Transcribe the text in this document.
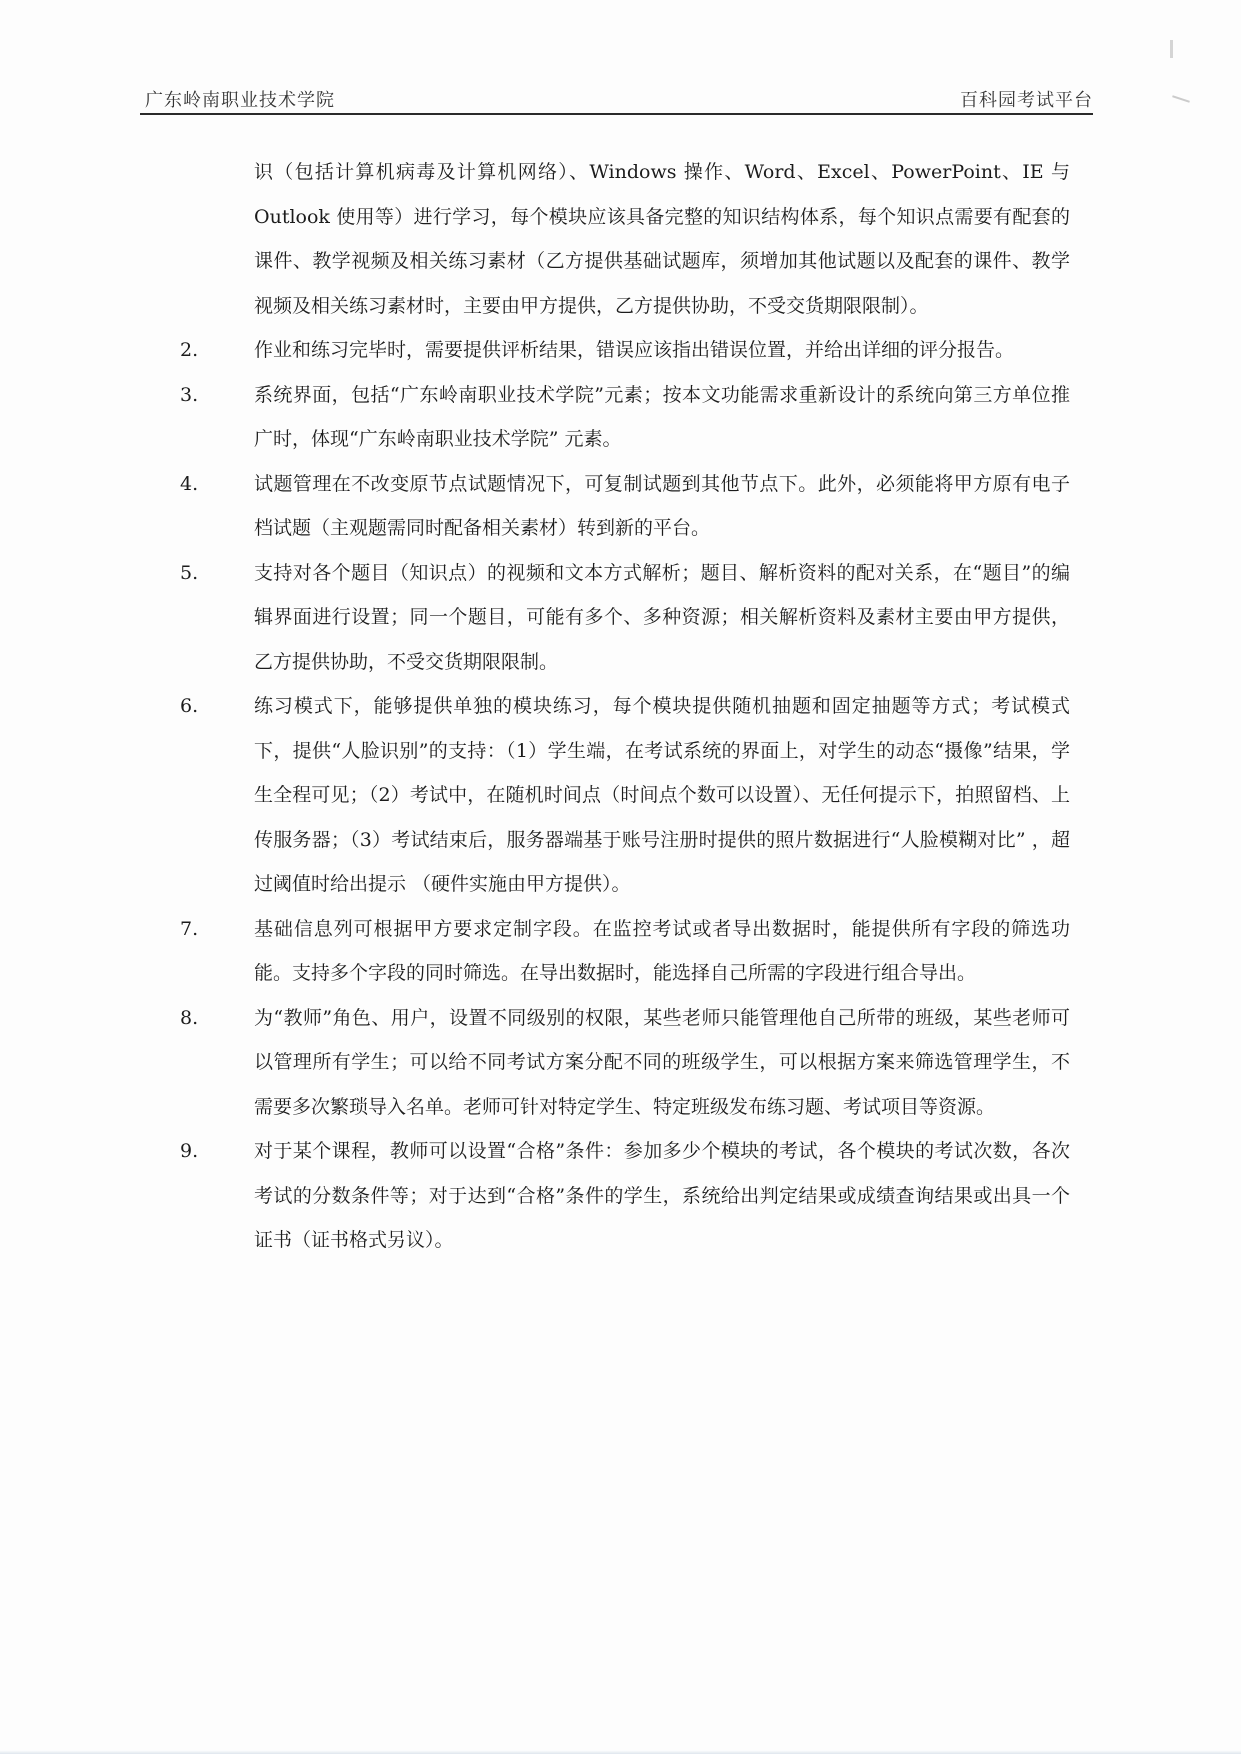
广东岭南职业技术学院	百科园考试平台

识（包括计算机病毒及计算机网络）、Windows 操作、Word、Excel、PowerPoint、IE 与 Outlook 使用等）进行学习，每个模块应该具备完整的知识结构体系，每个知识点需要有配套的课件、教学视频及相关练习素材（乙方提供基础试题库，须增加其他试题以及配套的课件、教学视频及相关练习素材时，主要由甲方提供，乙方提供协助，不受交货期限限制）。

2.	作业和练习完毕时，需要提供评析结果，错误应该指出错误位置，并给出详细的评分报告。
3.	系统界面，包括“广东岭南职业技术学院”元素；按本文功能需求重新设计的系统向第三方单位推广时，体现“广东岭南职业技术学院” 元素。
4.	试题管理在不改变原节点试题情况下，可复制试题到其他节点下。此外，必须能将甲方原有电子档试题（主观题需同时配备相关素材）转到新的平台。
5.	支持对各个题目（知识点）的视频和文本方式解析；题目、解析资料的配对关系，在“题目”的编辑界面进行设置；同一个题目，可能有多个、多种资源；相关解析资料及素材主要由甲方提供，乙方提供协助，不受交货期限限制。
6.	练习模式下，能够提供单独的模块练习，每个模块提供随机抽题和固定抽题等方式；考试模式下，提供“人脸识别”的支持：（1）学生端，在考试系统的界面上，对学生的动态“摄像”结果，学生全程可见；（2）考试中，在随机时间点（时间点个数可以设置）、无任何提示下，拍照留档、上传服务器；（3）考试结束后，服务器端基于账号注册时提供的照片数据进行“人脸模糊对比” ，超过阈值时给出提示 （硬件实施由甲方提供）。
7.	基础信息列可根据甲方要求定制字段。在监控考试或者导出数据时，能提供所有字段的筛选功能。支持多个字段的同时筛选。在导出数据时，能选择自己所需的字段进行组合导出。
8.	为“教师”角色、用户，设置不同级别的权限，某些老师只能管理他自己所带的班级，某些老师可以管理所有学生；可以给不同考试方案分配不同的班级学生，可以根据方案来筛选管理学生，不需要多次繁琐导入名单。老师可针对特定学生、特定班级发布练习题、考试项目等资源。
9.	对于某个课程，教师可以设置“合格”条件：参加多少个模块的考试，各个模块的考试次数，各次考试的分数条件等；对于达到“合格”条件的学生，系统给出判定结果或成绩查询结果或出具一个证书（证书格式另议）。
